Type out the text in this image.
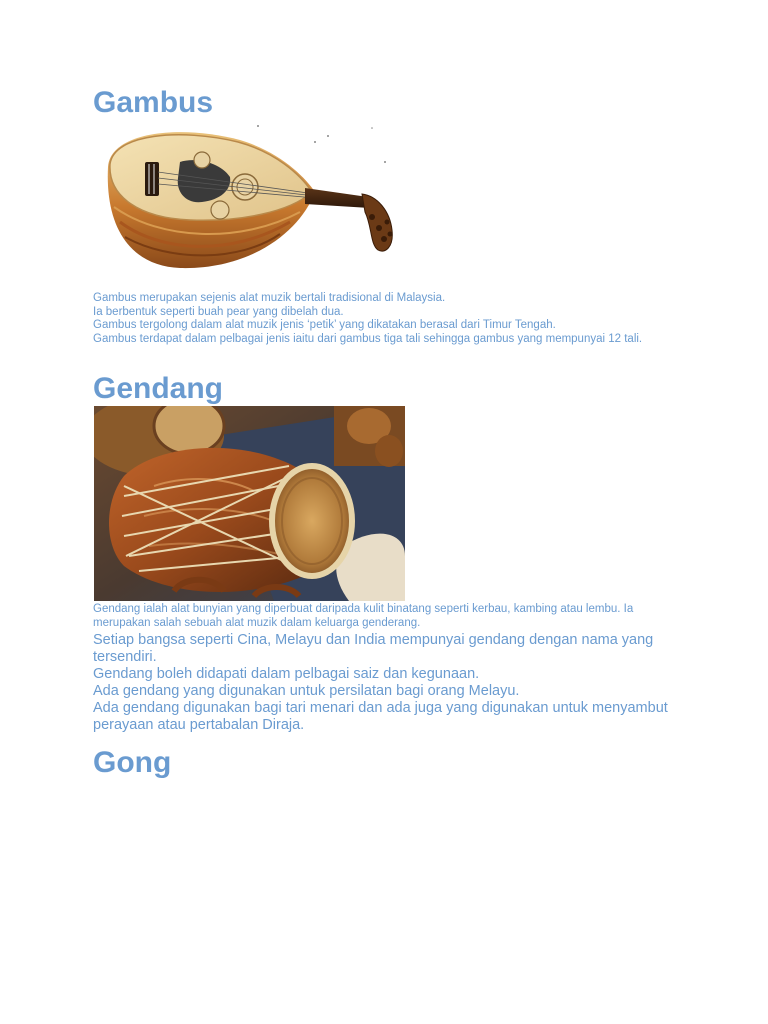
Gambus
Gambus merupakan sejenis alat muzik bertali tradisional di Malaysia.
Ia berbentuk seperti buah pear yang dibelah dua.
Gambus tergolong dalam alat muzik jenis ‘petik’ yang dikatakan berasal dari Timur Tengah.
Gambus terdapat dalam pelbagai jenis iaitu dari gambus tiga tali sehingga gambus yang mempunyai 12 tali.
Gendang
Gendang ialah alat bunyian yang diperbuat daripada kulit binatang seperti kerbau, kambing atau lembu. Ia merupakan salah sebuah alat muzik dalam keluarga genderang.
Setiap bangsa seperti Cina, Melayu dan India mempunyai gendang dengan nama yang tersendiri.
Gendang boleh didapati dalam pelbagai saiz dan kegunaan.
Ada gendang yang digunakan untuk persilatan bagi orang Melayu.
Ada gendang digunakan bagi tari menari dan ada juga yang digunakan untuk menyambut perayaan atau pertabalan Diraja.
Gong
